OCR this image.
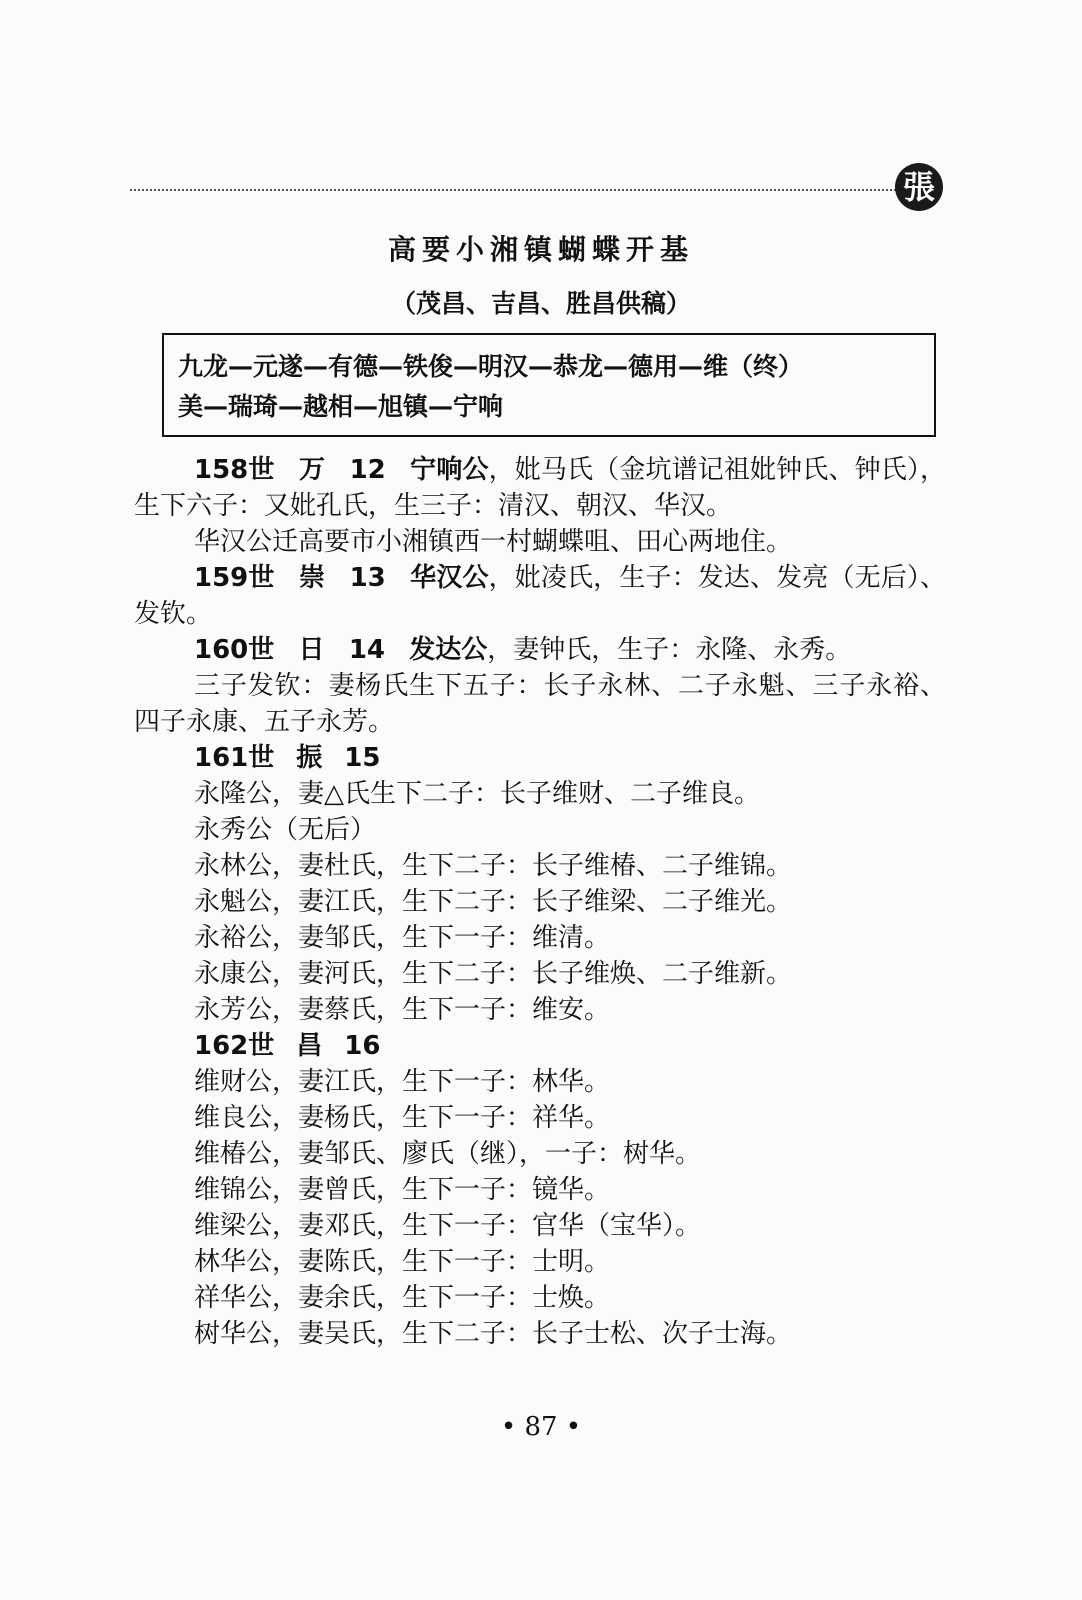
張
高要小湘镇蝴蝶开基
（茂昌、吉昌、胜昌供稿）
九龙—元遂—有德—铁俊—明汉—恭龙—德用—维（终）
美—瑞琦—越相—旭镇—宁响

158世 万 12 宁响公，妣马氏（金坑谱记祖妣钟氏、钟氏），生下六子：又妣孔氏，生三子：清汉、朝汉、华汉。

华汉公迁高要市小湘镇西一村蝴蝶咀、田心两地住。

159世 崇 13 华汉公，妣凌氏，生子：发达、发亮（无后）、发钦。

160世 日 14 发达公，妻钟氏，生子：永隆、永秀。

三子发钦：妻杨氏生下五子：长子永林、二子永魁、三子永裕、四子永康、五子永芳。

161世 振 15

永隆公，妻△氏生下二子：长子维财、二子维良。

永秀公（无后）

永林公，妻杜氏，生下二子：长子维椿、二子维锦。

永魁公，妻江氏，生下二子：长子维梁、二子维光。

永裕公，妻邹氏，生下一子：维清。

永康公，妻河氏，生下二子：长子维焕、二子维新。

永芳公，妻蔡氏，生下一子：维安。

162世 昌 16

维财公，妻江氏，生下一子：林华。

维良公，妻杨氏，生下一子：祥华。

维椿公，妻邹氏、廖氏（继），一子：树华。

维锦公，妻曾氏，生下一子：镜华。

维梁公，妻邓氏，生下一子：官华（宝华）。

林华公，妻陈氏，生下一子：士明。

祥华公，妻余氏，生下一子：士焕。

树华公，妻吴氏，生下二子：长子士松、次子士海。

• 87 •
